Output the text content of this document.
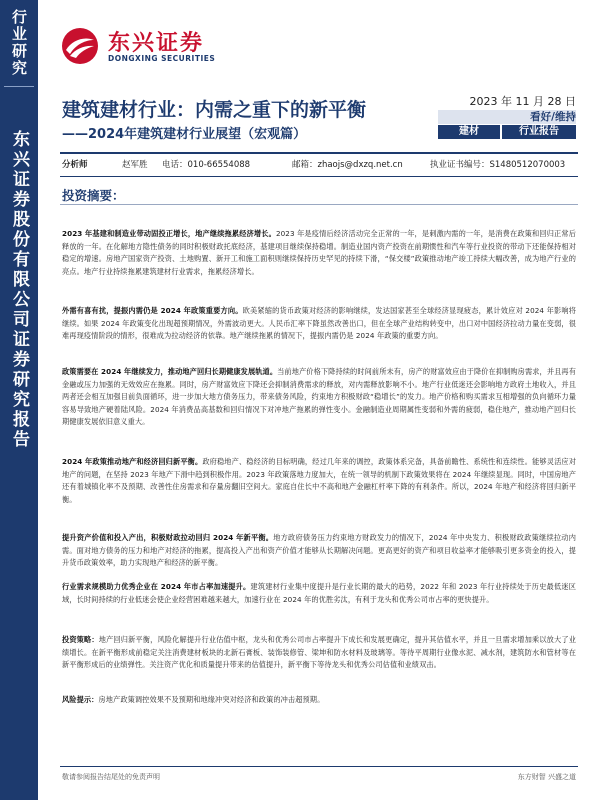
行业研究
东兴证券股份有限公司证券研究报告
东兴证券
DONGXING SECURITIES
建筑建材行业：内需之重下的新平衡
——2024年建筑建材行业展望（宏观篇）
2023 年 11 月 28 日
看好/维持
建材	行业报告
分析师	赵军胜 电话：010-66554088	邮箱：zhaojs@dxzq.net.cn	执业证书编号：S1480512070003
投资摘要：
2023 年基建和制造业带动固投正增长，地产继续拖累经济增长。2023 年是疫情后经济活动完全正常的一年，是刺激内需的一年，是消费在政策和回归正常后释放的一年。在化解地方隐性债务的同时积极财政托底经济，基建项目继续保持稳增。制造业国内资产投资在前期惯性和汽车等行业投资的带动下还能保持相对稳定的增速。房地产国家资产投资、土地购置、新开工和施工面积则继续保持历史罕见的持续下滑，“保交楼”政策推动地产竣工持续大幅改善，成为地产行业的亮点。地产行业持续拖累建筑建材行业需求，拖累经济增长。
外需有喜有扰，提振内需仍是 2024 年政策重要方向。欧美紧缩的货币政策对经济的影响继续，发达国家甚至全球经济显现疲态，累计效应对 2024 年影响将继续。如果 2024 年政策变化出现超预期情况，外需波动更大。人民币汇率下降虽然改善出口，但在全球产业结构转变中，出口对中国经济拉动力量在变弱，很难再现疫情阶段的情形，很难成为拉动经济的依靠。地产继续拖累的情况下，提振内需仍是 2024 年政策的重要方向。
政策需要在 2024 年继续发力，推动地产回归长期健康发展轨道。当前地产价格下降持续的时间前所未有，房产的财富效应由于降价在抑制购房需求，并且再有金融或压力加强的无效效应在拖累。同时，房产财富效应下降还会抑制消费需求的释放，对内需释放影响不小。地产行业低迷还会影响地方政府土地收入，并且两者还会相互加强目前负面循环，进一步加大地方债务压力，带来债务风险，约束地方积极财政“稳增长”的发力。地产价格和购买需求互相增强的负向循环力量容易导致地产硬着陆风险。2024 年消费品高基数和回归情况下对冲地产拖累的弹性变小。金融制造业周期属性变弱和外需的疲弱，稳住地产，推动地产回归长期健康发展依旧意义重大。
2024 年政策推动地产和经济回归新平衡。政府稳地产、稳经济的目标明确，经过几年来的调控，政策体系完备，具备前瞻性、系统性和连续性。能够灵活应对地产的问题，在坚持 2023 年地产下滑中趋到积极作用。2023 年政策落地力度加大，在统一领导的机制下政策效果将在 2024 年继续显现。同时，中国房地产还有着城镇化率不及预期、改善性住房需求和存量房翻旧空间大。家庭自住长中不高和地产金融杠杆率下降的有利条件。所以，2024 年地产和经济将回归新平衡。
提升资产价值和投入产出，积极财政拉动回归 2024 年新平衡。地方政府债务压力约束地方财政发力的情况下，2024 年中央发力、积极财政政策继续拉动内需。面对地方债务的压力和地产对经济的拖累，提高投入产出和资产价值才能够从长期解决问题。更高更好的资产和项目收益率才能够吸引更多资金的投入，提升货币政策效率，助力实现地产和经济的新平衡。
行业需求规模助力优秀企业在 2024 年市占率加速提升。建筑建材行业集中度提升是行业长期的最大的趋势，2022 年和 2023 年行业持续处于历史最低迷区域，长时间持续的行业低迷会使企业经营困难越来越大，加速行业在 2024 年的优胜劣汰，有利于龙头和优秀公司市占率的更快提升。
投资策略：地产回归新平衡，风险化解提升行业估值中枢，龙头和优秀公司市占率提升下成长和发展更确定，提升其估值水平，并且一旦需求增加乘以放大了业绩增长。在新平衡形成前稳定关注消费建材板块的北新石膏板、装饰装修管、梁坤和防水材料及玻璃等。等待平周期行业像水泥、减水剂，建筑防水和管材等在新平衡形成后的业绩弹性。关注资产优化和质量提升带来的估值提升，新平衡下等待龙头和优秀公司估值和业绩双击。
风险提示：房地产政策调控效果不及预期和地缘冲突对经济和政策的冲击超预期。
敬请参阅报告结尾处的免责声明	东方财智 兴盛之道
